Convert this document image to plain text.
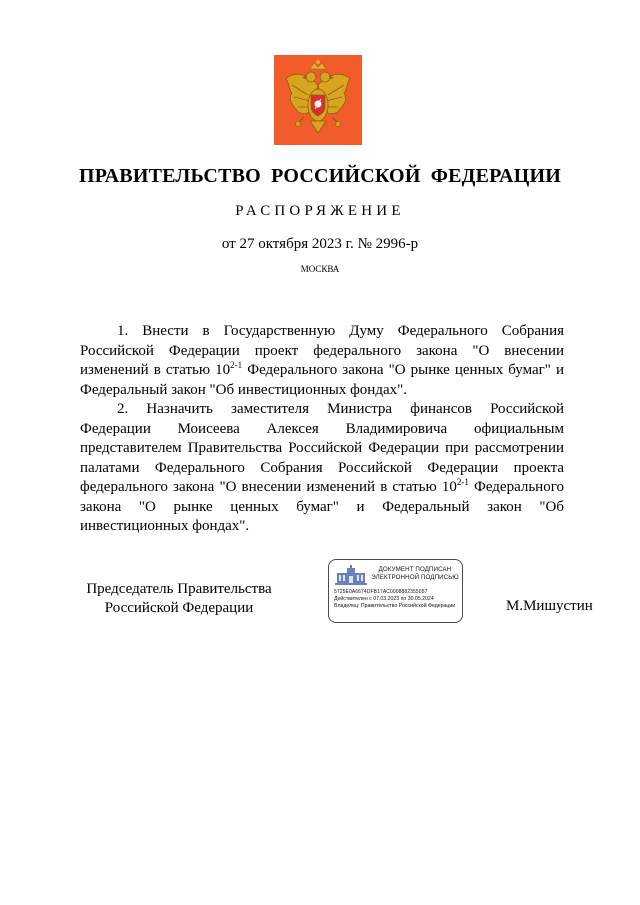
ПРАВИТЕЛЬСТВО РОССИЙСКОЙ ФЕДЕРАЦИИ
РАСПОРЯЖЕНИЕ
от 27 октября 2023 г. № 2996-р
МОСКВА

1. Внести в Государственную Думу Федерального Собрания Российской Федерации проект федерального закона "О внесении изменений в статью 10$^{2-1}$ Федерального закона "О рынке ценных бумаг" и Федеральный закон "Об инвестиционных фондах".

2. Назначить заместителя Министра финансов Российской Федерации Моисеева Алексея Владимировича официальным представителем Правительства Российской Федерации при рассмотрении палатами Федерального Собрания Российской Федерации проекта федерального закона "О внесении изменений в статью 10$^{2-1}$ Федерального закона "О рынке ценных бумаг" и Федеральный закон "Об инвестиционных фондах".

Председатель Правительства
Российской Федерации
ДОКУМЕНТ ПОДПИСАН
ЭЛЕКТРОННОЙ ПОДПИСЬЮ
5725E0A6674DFB17AC0008882355057
Действителен с 07.03.2023 по 30.05.2024
Владелец: Правительство Российской Федерации	М.Мишустин
